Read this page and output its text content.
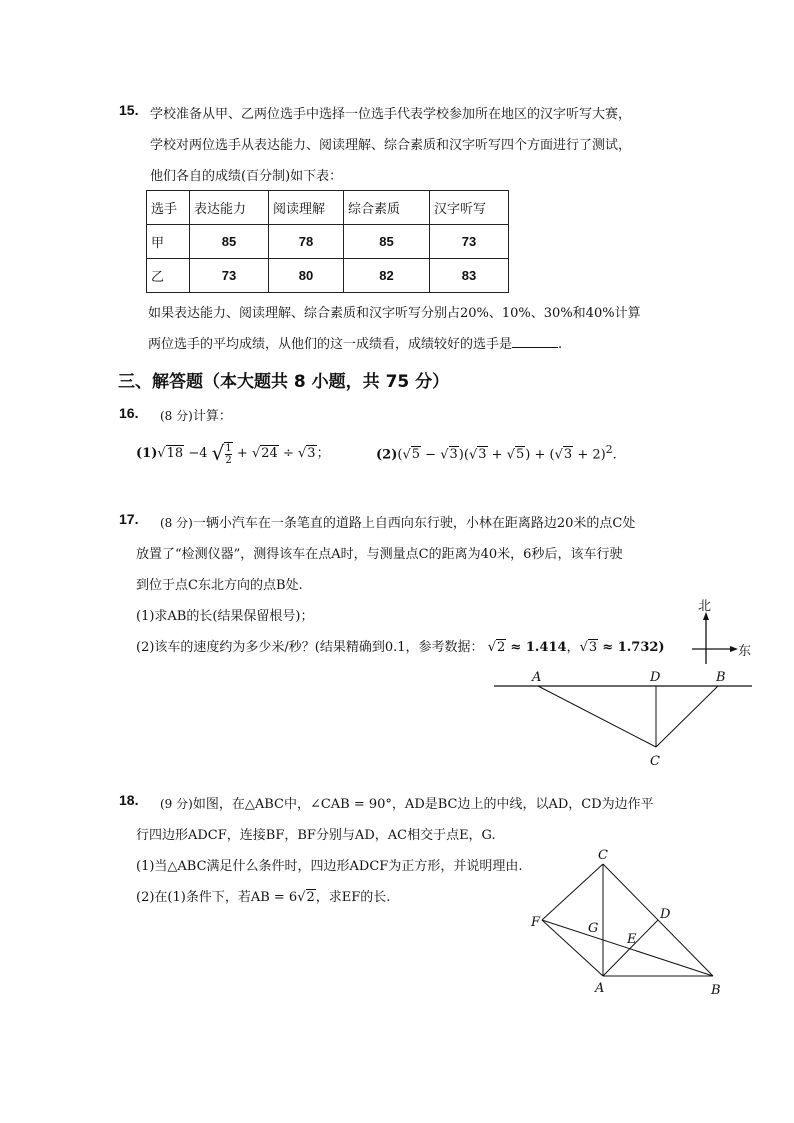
15. 学校准备从甲、乙两位选手中选择一位选手代表学校参加所在地区的汉字听写大赛，
学校对两位选手从表达能力、阅读理解、综合素质和汉字听写四个方面进行了测试，
他们各自的成绩(百分制)如下表：
选手	表达能力	阅读理解	综合素质	汉字听写
甲	85	78	85	73
乙	73	80	82	83
如果表达能力、阅读理解、综合素质和汉字听写分别占20%、10%、30%和40%计算
两位选手的平均成绩，从他们的这一成绩看，成绩较好的选手是	.
三、解答题（本大题共 8 小题，共 75 分）
16. (8 分)计算：
(1)√18 −4 √ $\frac{1}{2} + √24 \div √3$；	$(2)(√5 - √3)(√3 + √5) + (√3 + 2)^2$.
17. (8 分)一辆小汽车在一条笔直的道路上自西向东行驶，小林在距离路边20米的点C处
放置了“检测仪器”，测得该车在点A时，与测量点C的距离为40米，6秒后，该车行驶
到位于点C东北方向的点B处.
(1)求AB的长(结果保留根号)；
(2)该车的速度约为多少米/秒？(结果精确到0.1，参考数据： √2 ≈ 1.414，√3 ≈ 1.732)
北
东
A	D	B
C
18. (9 分)如图，在△ABC中，∠CAB = 90°，AD是BC边上的中线，以AD，CD为边作平
行四边形ADCF，连接BF，BF分别与AD，AC相交于点E，G.
(1)当△ABC满足什么条件时，四边形ADCF为正方形，并说明理由.
(2)在(1)条件下，若AB = 6√2，求EF的长.
C
D
F	G
E
A	B
